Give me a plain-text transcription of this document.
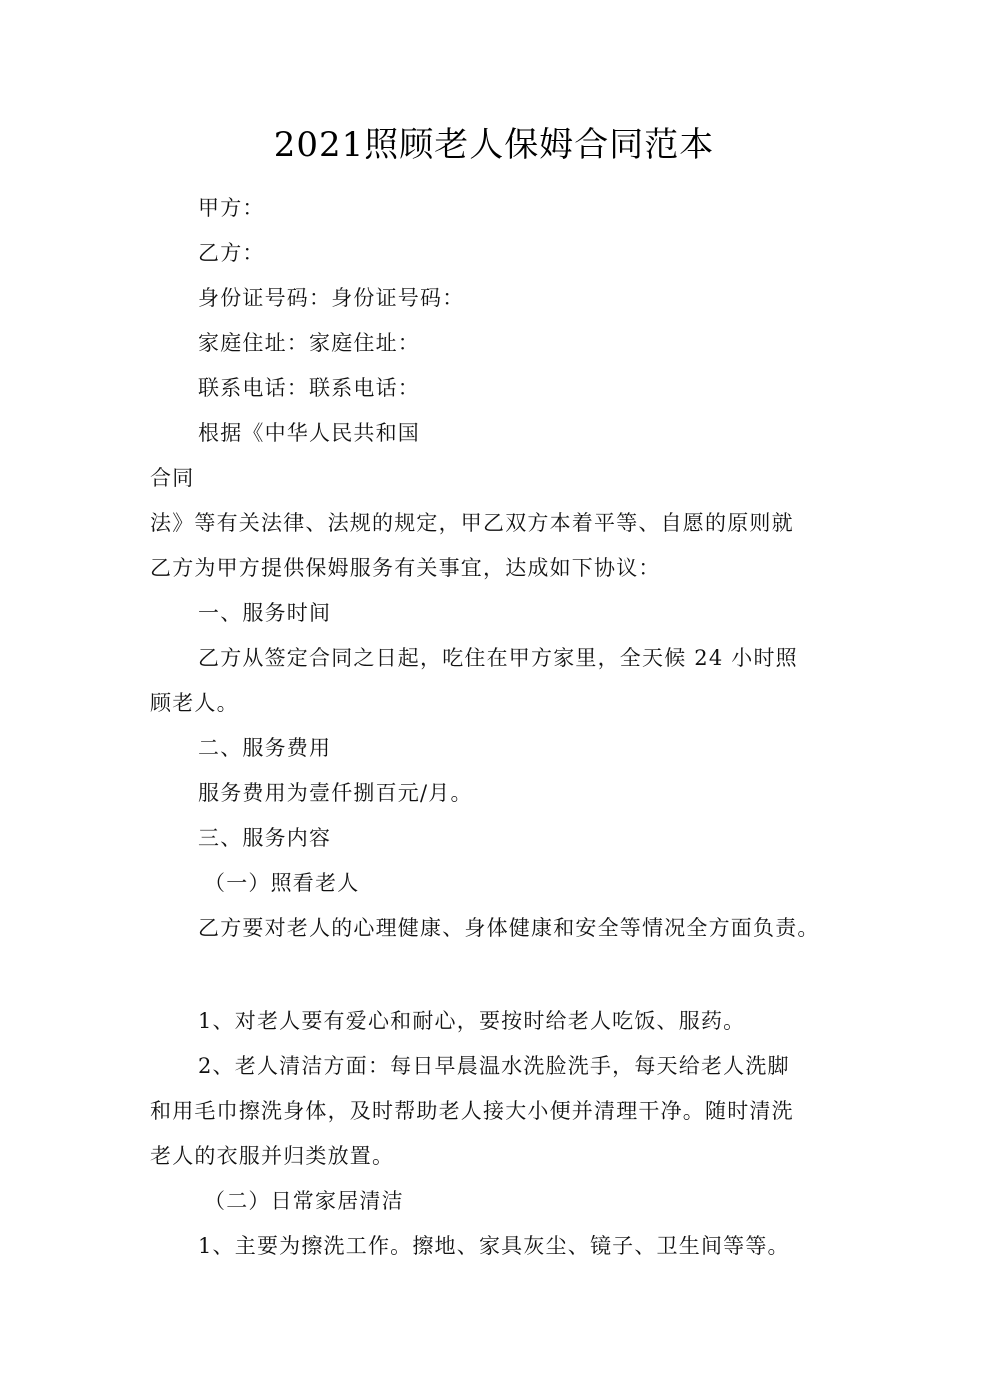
2021照顾老人保姆合同范本
甲方：
乙方：
身份证号码：身份证号码：
家庭住址：家庭住址：
联系电话：联系电话：
根据《中华人民共和国
合同
法》等有关法律、法规的规定，甲乙双方本着平等、自愿的原则就
乙方为甲方提供保姆服务有关事宜，达成如下协议：
一、服务时间
乙方从签定合同之日起，吃住在甲方家里，全天候 24 小时照
顾老人。
二、服务费用
服务费用为壹仟捌百元/月。
三、服务内容
（一）照看老人
乙方要对老人的心理健康、身体健康和安全等情况全方面负责。
1、对老人要有爱心和耐心，要按时给老人吃饭、服药。
2、老人清洁方面：每日早晨温水洗脸洗手，每天给老人洗脚
和用毛巾擦洗身体，及时帮助老人接大小便并清理干净。随时清洗
老人的衣服并归类放置。
（二）日常家居清洁
1、主要为擦洗工作。擦地、家具灰尘、镜子、卫生间等等。
